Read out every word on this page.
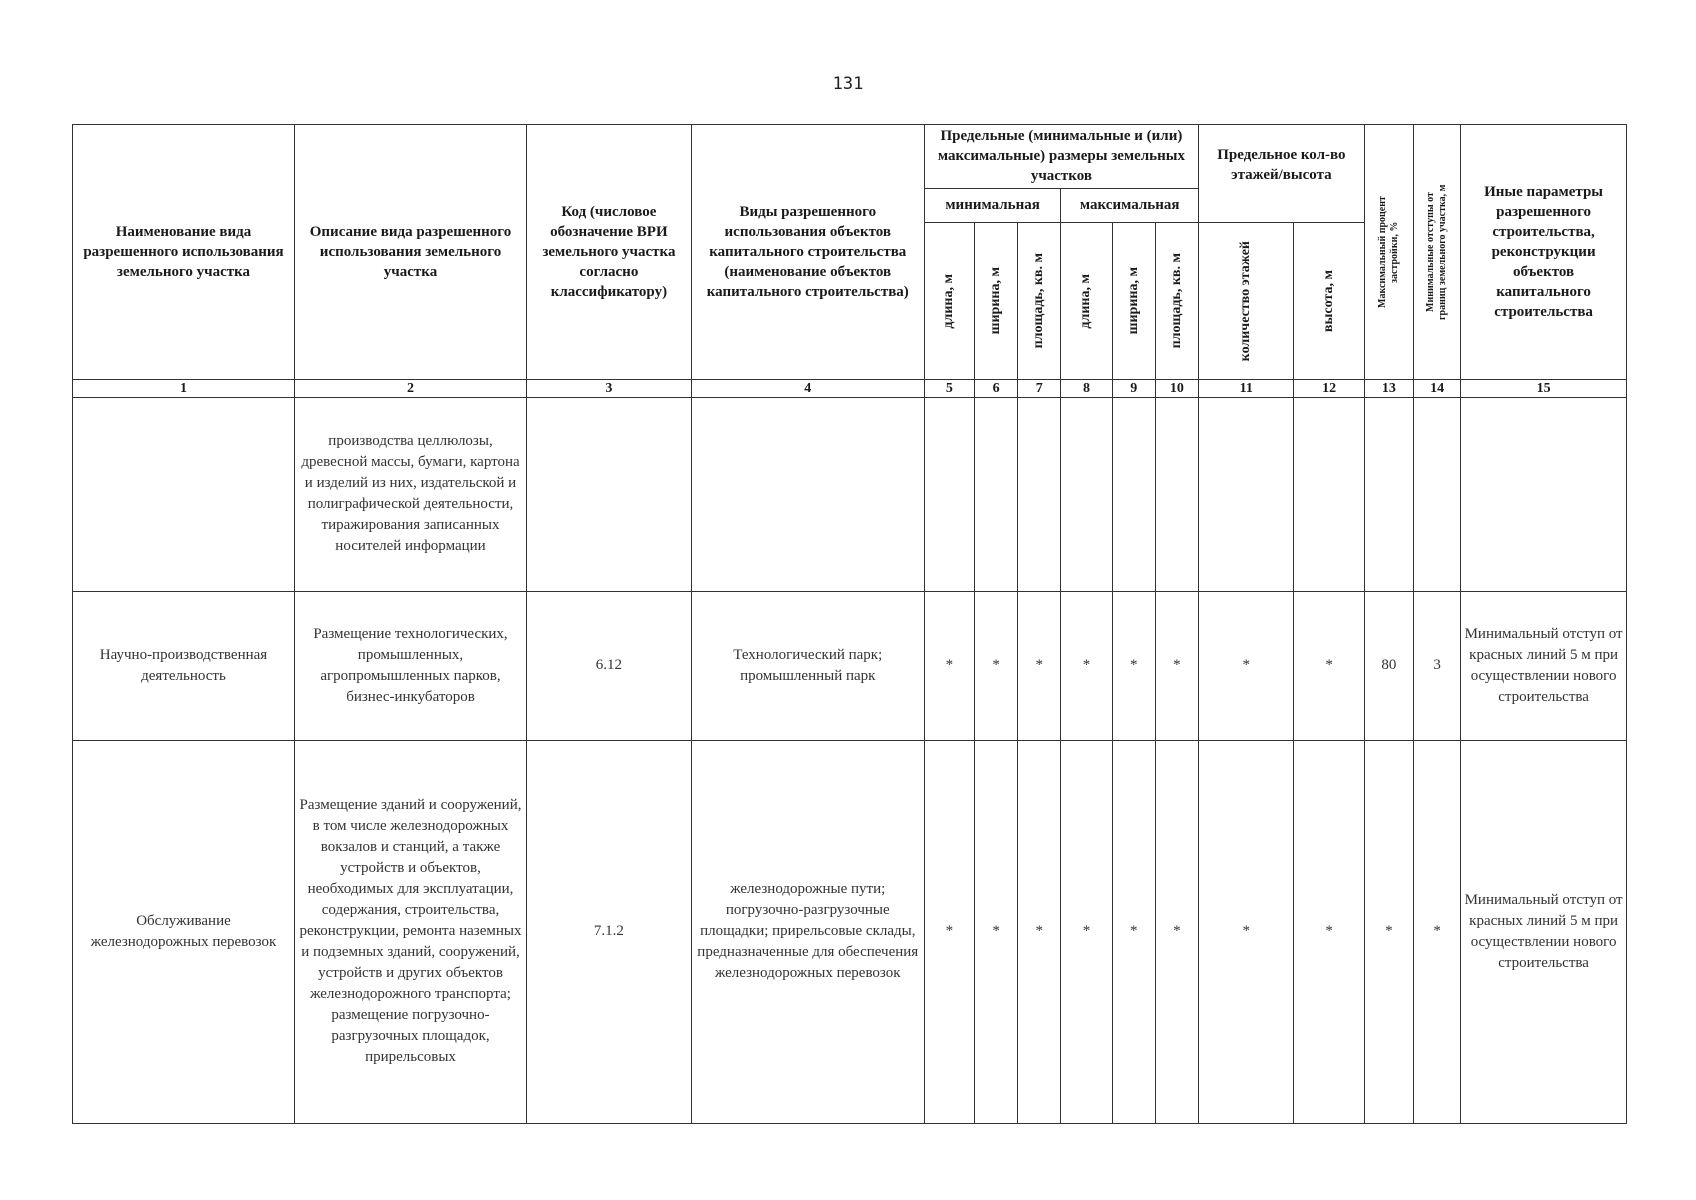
131
Наименование вида разрешенного использования земельного участка	Описание вида разрешенного использования земельного участка	Код (числовое обозначение ВРИ земельного участка согласно классификатору)	Виды разрешенного использования объектов капитального строительства (наименование объектов капитального строительства)	Предельные (минимальные и (или) максимальные) размеры земельных участков						Предельное кол-во этажей/высота		Максимальный процент застройки, %	Минимальные отступы от границ земельного участка, м	Иные параметры разрешенного строительства, реконструкции объектов капитального строительства
				минимальная			максимальная							

				длина, м	ширина, м	площадь, кв. м	длина, м	ширина, м	площадь, кв. м	количество этажей	высота, м			

1	2	3	4	5	6	7	8	9	10	11	12	13	14	15
	производства целлюлозы, древесной массы, бумаги, картона и изделий из них, издательской и полиграфической деятельности, тиражирования записанных носителей информации													
Научно-производственная деятельность	Размещение технологических, промышленных, агропромышленных парков, бизнес-инкубаторов	6.12	Технологический парк; промышленный парк	*	*	*	*	*	*	*	*	80	3	Минимальный отступ от красных линий 5 м при осуществлении нового строительства
Обслуживание железнодорожных перевозок	Размещение зданий и сооружений, в том числе железнодорожных вокзалов и станций, а также устройств и объектов, необходимых для эксплуатации, содержания, строительства, реконструкции, ремонта наземных и подземных зданий, сооружений, устройств и других объектов железнодорожного транспорта; размещение погрузочно-разгрузочных площадок, прирельсовых	7.1.2	железнодорожные пути; погрузочно-разгрузочные площадки; прирельсовые склады, предназначенные для обеспечения железнодорожных перевозок	*	*	*	*	*	*	*	*	*	*	Минимальный отступ от красных линий 5 м при осуществлении нового строительства
